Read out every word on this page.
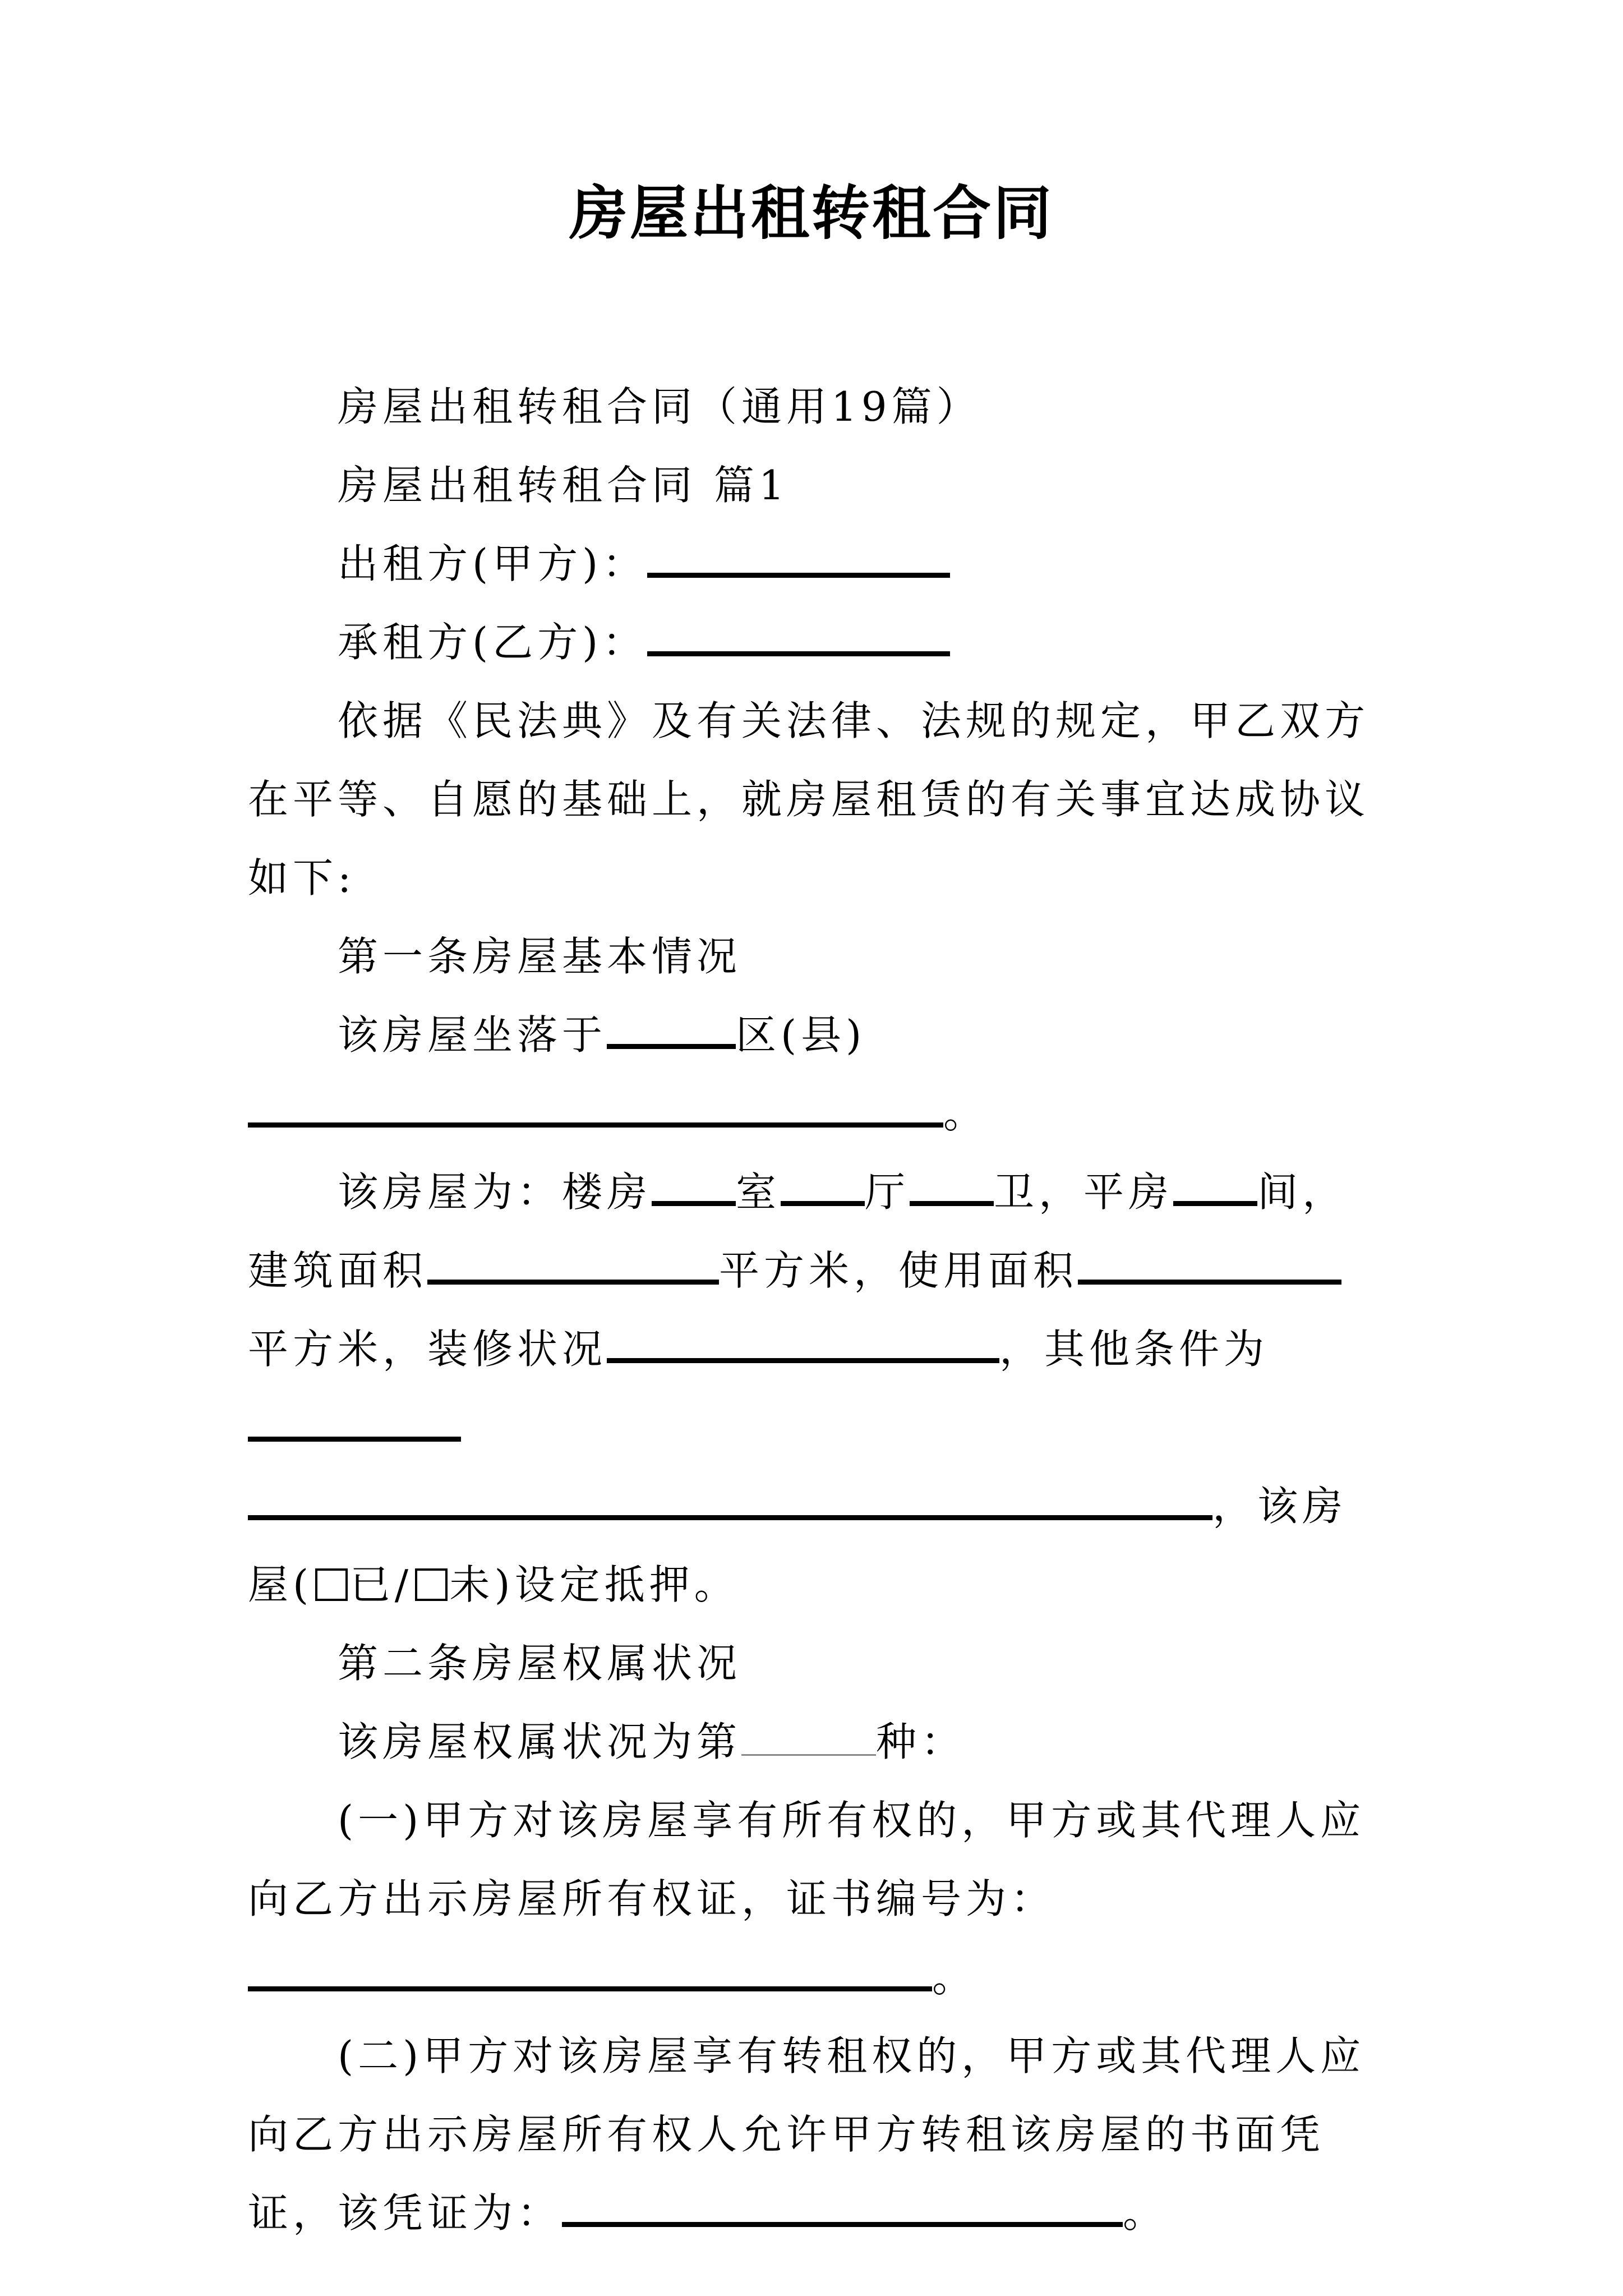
房屋出租转租合同

房屋出租转租合同（通用19篇）

房屋出租转租合同 篇1

出租方(甲方)：

承租方(乙方)：

依据《民法典》及有关法律、法规的规定，甲乙双方在平等、自愿的基础上，就房屋租赁的有关事宜达成协议如下:

第一条房屋基本情况

该房屋坐落于	区(县)。

该房屋为：楼房 室 厅 卫，平房 间，建筑面积	平方米，使用面积平方米，装修状况	，其他条件为，该房屋( 已/ 未)设定抵押。

第二条房屋权属状况

该房屋权属状况为第	种：

(一)甲方对该房屋享有所有权的，甲方或其代理人应向乙方出示房屋所有权证，证书编号为：。

(二)甲方对该房屋享有转租权的，甲方或其代理人应向乙方出示房屋所有权人允许甲方转租该房屋的书面凭证，该凭证为：	。
